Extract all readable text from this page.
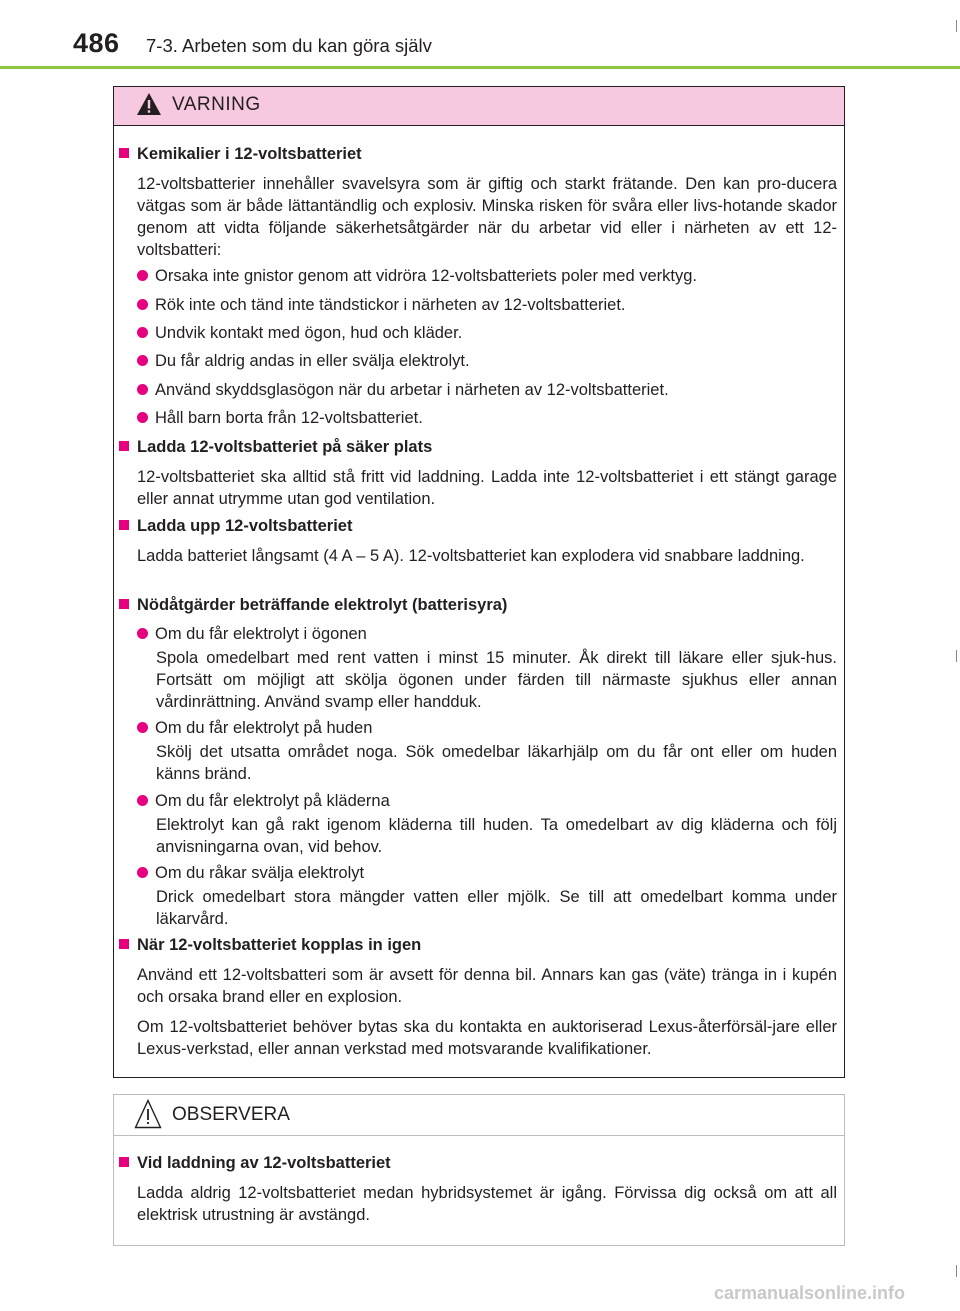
486 7-3. Arbeten som du kan göra själv
VARNING
Kemikalier i 12-voltsbatteriet
12-voltsbatterier innehåller svavelsyra som är giftig och starkt frätande. Den kan pro-ducera vätgas som är både lättantändlig och explosiv. Minska risken för svåra eller livs-hotande skador genom att vidta följande säkerhetsåtgärder när du arbetar vid eller i närheten av ett 12-voltsbatteri:
Orsaka inte gnistor genom att vidröra 12-voltsbatteriets poler med verktyg.
Rök inte och tänd inte tändstickor i närheten av 12-voltsbatteriet.
Undvik kontakt med ögon, hud och kläder.
Du får aldrig andas in eller svälja elektrolyt.
Använd skyddsglasögon när du arbetar i närheten av 12-voltsbatteriet.
Håll barn borta från 12-voltsbatteriet.
Ladda 12-voltsbatteriet på säker plats
12-voltsbatteriet ska alltid stå fritt vid laddning. Ladda inte 12-voltsbatteriet i ett stängt garage eller annat utrymme utan god ventilation.
Ladda upp 12-voltsbatteriet
Ladda batteriet långsamt (4 A – 5 A). 12-voltsbatteriet kan explodera vid snabbare laddning.
Nödåtgärder beträffande elektrolyt (batterisyra)
Om du får elektrolyt i ögonen
Spola omedelbart med rent vatten i minst 15 minuter. Åk direkt till läkare eller sjuk-hus. Fortsätt om möjligt att skölja ögonen under färden till närmaste sjukhus eller annan vårdinrättning. Använd svamp eller handduk.
Om du får elektrolyt på huden
Skölj det utsatta området noga. Sök omedelbar läkarhjälp om du får ont eller om huden känns bränd.
Om du får elektrolyt på kläderna
Elektrolyt kan gå rakt igenom kläderna till huden. Ta omedelbart av dig kläderna och följ anvisningarna ovan, vid behov.
Om du råkar svälja elektrolyt
Drick omedelbart stora mängder vatten eller mjölk. Se till att omedelbart komma under läkarvård.
När 12-voltsbatteriet kopplas in igen
Använd ett 12-voltsbatteri som är avsett för denna bil. Annars kan gas (väte) tränga in i kupén och orsaka brand eller en explosion.
Om 12-voltsbatteriet behöver bytas ska du kontakta en auktoriserad Lexus-återförsäl-jare eller Lexus-verkstad, eller annan verkstad med motsvarande kvalifikationer.
OBSERVERA
Vid laddning av 12-voltsbatteriet
Ladda aldrig 12-voltsbatteriet medan hybridsystemet är igång. Förvissa dig också om att all elektrisk utrustning är avstängd.
carmanualsonline.info
